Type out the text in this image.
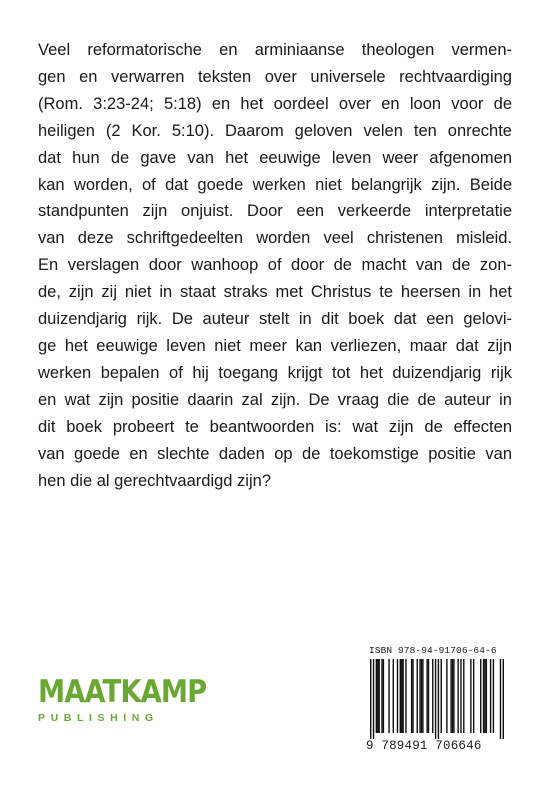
Veel reformatorische en arminiaanse theologen vermen-
gen en verwarren teksten over universele rechtvaardiging
(Rom. 3:23-24; 5:18) en het oordeel over en loon voor de
heiligen (2 Kor. 5:10). Daarom geloven velen ten onrechte
dat hun de gave van het eeuwige leven weer afgenomen
kan worden, of dat goede werken niet belangrijk zijn. Beide
standpunten zijn onjuist. Door een verkeerde interpretatie
van deze schriftgedeelten worden veel christenen misleid.
En verslagen door wanhoop of door de macht van de zon-
de, zijn zij niet in staat straks met Christus te heersen in het
duizendjarig rijk. De auteur stelt in dit boek dat een gelovi-
ge het eeuwige leven niet meer kan verliezen, maar dat zijn
werken bepalen of hij toegang krijgt tot het duizendjarig rijk
en wat zijn positie daarin zal zijn. De vraag die de auteur in
dit boek probeert te beantwoorden is: wat zijn de effecten
van goede en slechte daden op de toekomstige positie van
hen die al gerechtvaardigd zijn?
MAATKAMP
PUBLISHING
ISBN 978-94-91706-64-6
9 789491 706646
